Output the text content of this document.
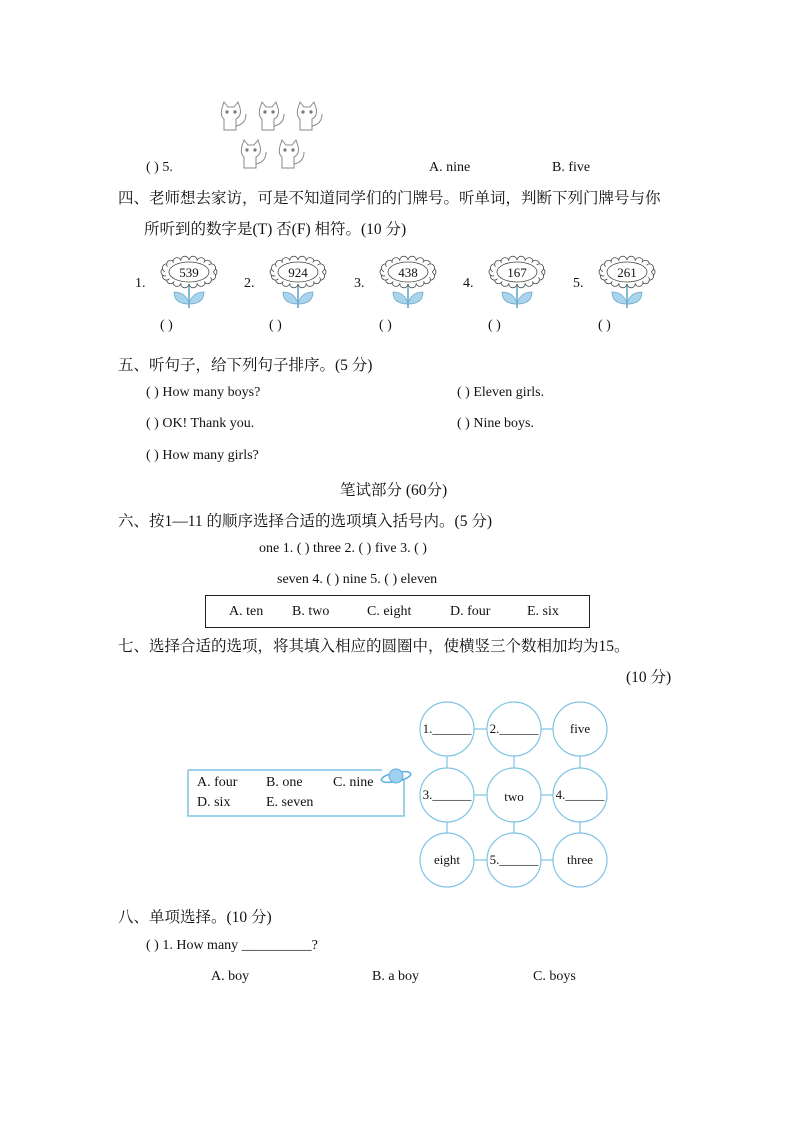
( ) 5.	A. nine	B. five
四、老师想去家访，可是不知道同学们的门牌号。听单词，判断下列门牌号与你
所听到的数字是(T) 否(F) 相符。(10 分)
1.
539
( )
2.
924
( )
3.
438
( )
4.
167
( )
5.
261
( )
五、听句子，给下列句子排序。(5 分)
( ) How many boys?	( ) Eleven girls.
( ) OK! Thank you.	( ) Nine boys.
( ) How many girls?
笔试部分 (60分)
六、按1—11 的顺序选择合适的选项填入括号内。(5 分)
one 1. ( ) three 2. ( ) five 3. ( )
seven 4. ( ) nine 5. ( ) eleven
A. ten B. two	C. eight	D. four	E. six
七、选择合适的选项，将其填入相应的圆圈中，使横竖三个数相加均为15。
(10 分)
A. four B. one C. nine
D. six	E. seven
1.______ 2.______ five
3.______	two 4.______
eight 5.______ three
八、单项选择。(10 分)
( ) 1. How many __________?
A. boy	B. a boy	C. boys
